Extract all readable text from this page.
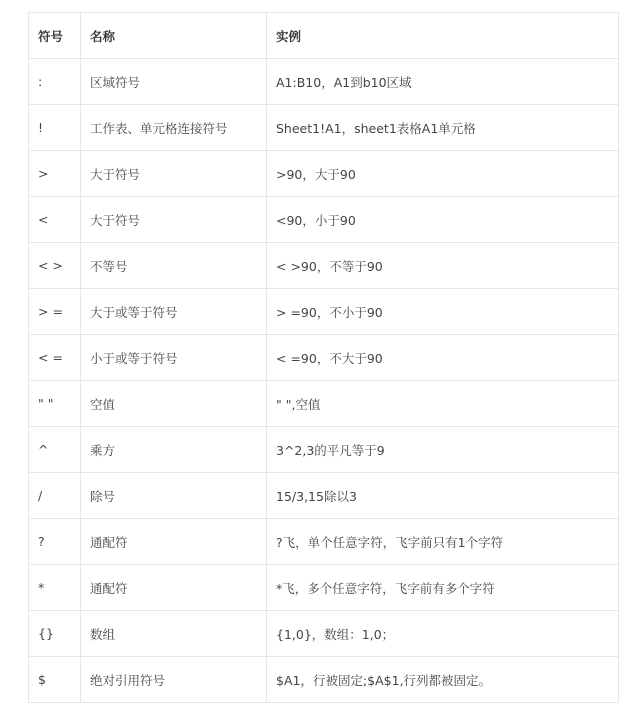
符号	名称	实例
:	区域符号	A1:B10，A1到b10区域
!	工作表、单元格连接符号	Sheet1!A1，sheet1表格A1单元格
>	大于符号	>90，大于90
<	大于符号	<90，小于90
< >	不等号	< >90，不等于90
> =	大于或等于符号	> =90，不小于90
< =	小于或等于符号	< =90，不大于90
" "	空值	" ",空值
^	乘方	3^2,3的平凡等于9
/	除号	15/3,15除以3
?	通配符	?飞，单个任意字符，飞字前只有1个字符
*	通配符	*飞，多个任意字符，飞字前有多个字符
{}	数组	{1,0}，数组：1,0；
$	绝对引用符号	$A1，行被固定;$A$1,行列都被固定。
